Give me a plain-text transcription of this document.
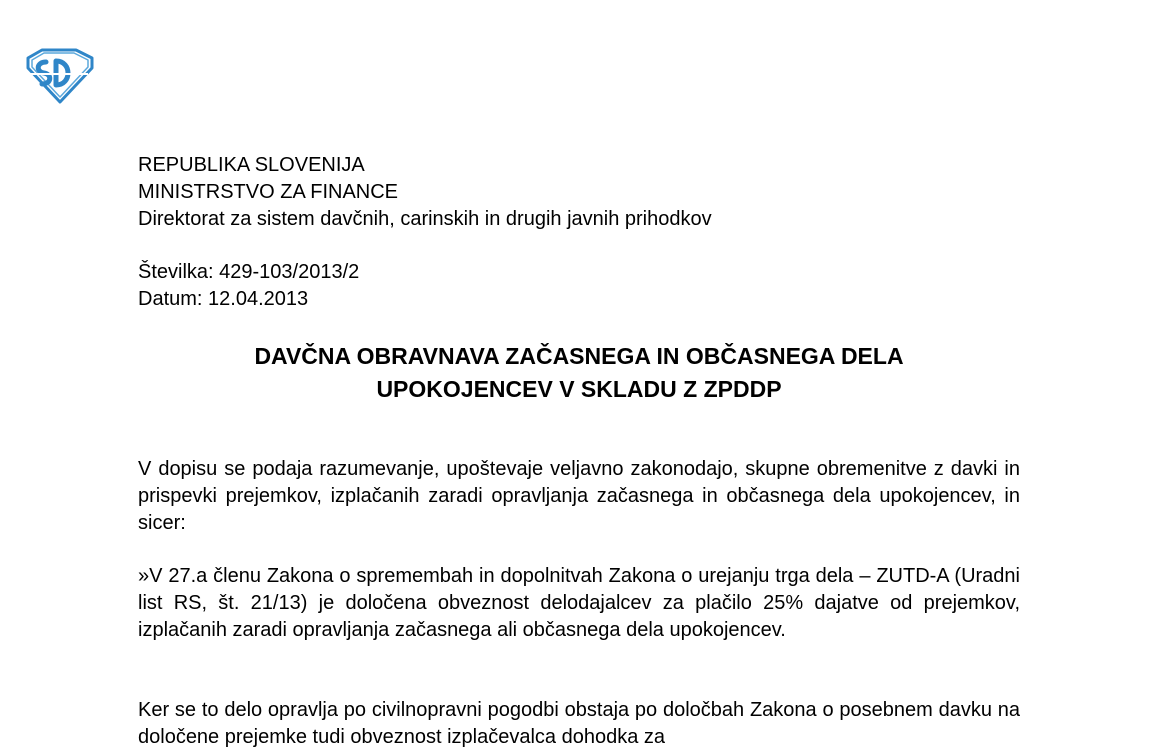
REPUBLIKA SLOVENIJA
MINISTRSTVO ZA FINANCE
Direktorat za sistem davčnih, carinskih in drugih javnih prihodkov
Številka: 429-103/2013/2
Datum: 12.04.2013
DAVČNA OBRAVNAVA ZAČASNEGA IN OBČASNEGA DELA
UPOKOJENCEV V SKLADU Z ZPDDP

V dopisu se podaja razumevanje, upoštevaje veljavno zakonodajo, skupne obremenitve z davki in prispevki prejemkov, izplačanih zaradi opravljanja začasnega in občasnega dela upokojencev, in sicer:

»V 27.a členu Zakona o spremembah in dopolnitvah Zakona o urejanju trga dela – ZUTD-A (Uradni list RS, št. 21/13) je določena obveznost delodajalcev za plačilo 25% dajatve od prejemkov, izplačanih zaradi opravljanja začasnega ali občasnega dela upokojencev.

Ker se to delo opravlja po civilnopravni pogodbi obstaja po določbah Zakona o posebnem davku na določene prejemke tudi obveznost izplačevalca dohodka za
